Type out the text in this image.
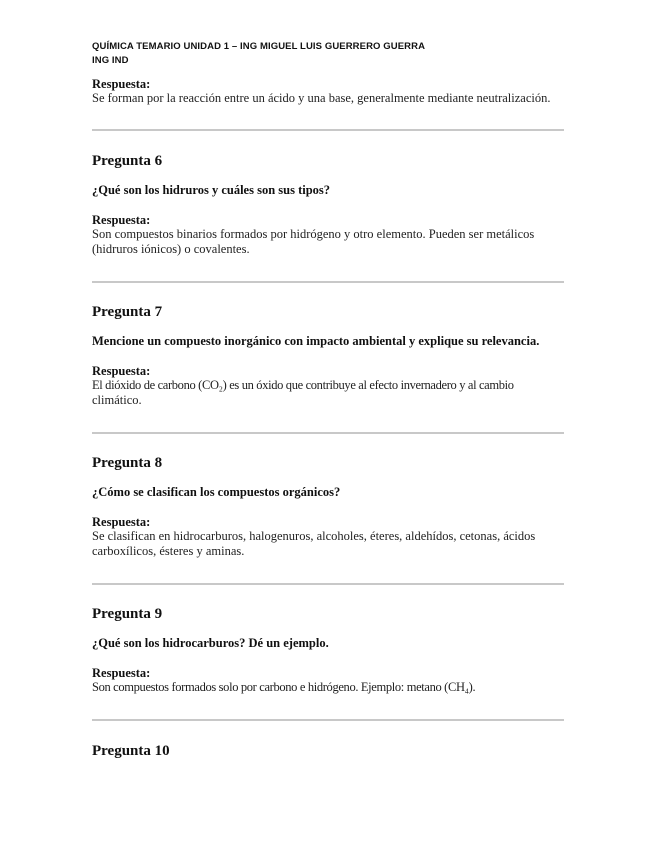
QUÍMICA TEMARIO UNIDAD 1 – ING MIGUEL LUIS GUERRERO GUERRA
ING IND
Respuesta:
Se forman por la reacción entre un ácido y una base, generalmente mediante neutralización.
Pregunta 6
¿Qué son los hidruros y cuáles son sus tipos?
Respuesta:
Son compuestos binarios formados por hidrógeno y otro elemento. Pueden ser metálicos
(hidruros iónicos) o covalentes.
Pregunta 7
Mencione un compuesto inorgánico con impacto ambiental y explique su relevancia.
Respuesta:
El dióxido de carbono (CO₂) es un óxido que contribuye al efecto invernadero y al cambio
climático.
Pregunta 8
¿Cómo se clasifican los compuestos orgánicos?
Respuesta:
Se clasifican en hidrocarburos, halogenuros, alcoholes, éteres, aldehídos, cetonas, ácidos
carboxílicos, ésteres y aminas.
Pregunta 9
¿Qué son los hidrocarburos? Dé un ejemplo.
Respuesta:
Son compuestos formados solo por carbono e hidrógeno. Ejemplo: metano (CH₄).
Pregunta 10
